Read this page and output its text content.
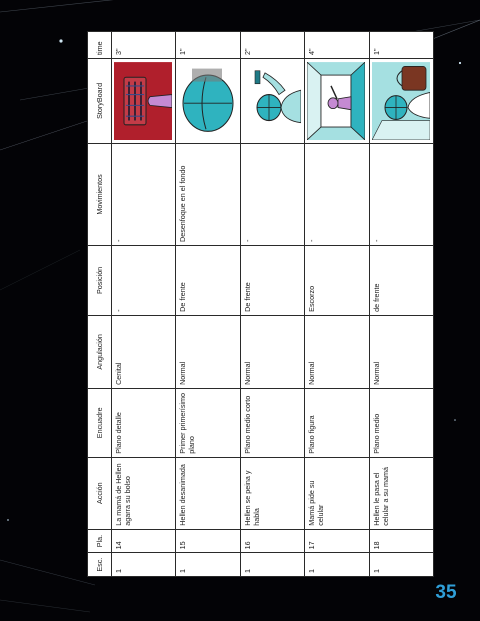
Esc.	Pla.	Acción	Encuadre	Angulación	Posición	Movimientos	StoryBoard	time
1	14	La mamá de Hellen agarra su bolso	Plano detalle	Cenital	-	-		3"
1	15	Hellen desanimada	Primer primerísimo plano	Normal	De frente	Desenfoque en el fondo		1"
1	16	Hellen se peina y habla	Plano medio corto	Normal	De frente	-		2"
1	17	Mamá pide su celular	Plano figura	Normal	Escorzo	-		4"
1	18	Hellen le pasa el celular a su mamá	Plano medio	Normal	de frente	-		1"
35
